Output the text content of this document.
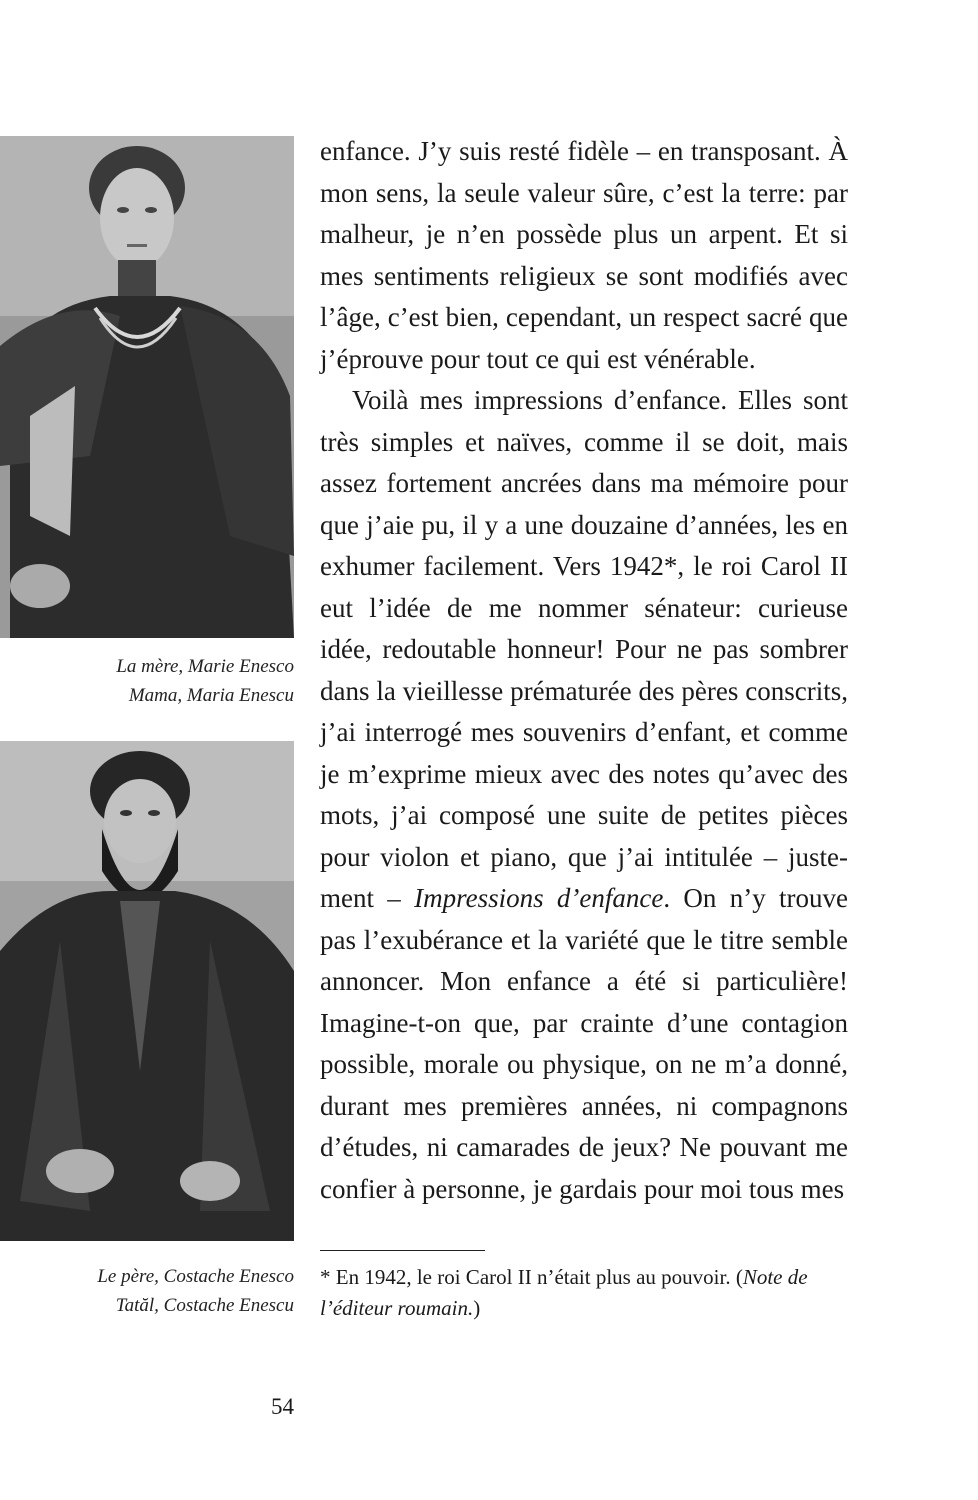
La mère, Marie Enesco
Mama, Maria Enescu
Le père, Costache Enesco
Tatăl, Costache Enescu

enfance. J’y suis resté fidèle – en transposant. À mon sens, la seule valeur sûre, c’est la terre: par malheur, je n’en possède plus un arpent. Et si mes sentiments religieux se sont modifiés avec l’âge, c’est bien, cependant, un respect sacré que j’éprouve pour tout ce qui est vénérable.

Voilà mes impressions d’enfance. Elles sont très simples et naïves, comme il se doit, mais assez fortement ancrées dans ma mémoire pour que j’aie pu, il y a une douzaine d’années, les en exhumer facilement. Vers 1942*, le roi Carol II eut l’idée de me nommer sénateur: curieuse idée, redoutable honneur! Pour ne pas sombrer dans la vieillesse prématurée des pères conscrits, j’ai interrogé mes souvenirs d’enfant, et comme je m’exprime mieux avec des notes qu’avec des mots, j’ai composé une suite de petites pièces pour violon et piano, que j’ai intitulée – justement – Impressions d’enfance. On n’y trouve pas l’exubérance et la variété que le titre semble annoncer. Mon enfance a été si particulière! Imagine-t-on que, par crainte d’une contagion possible, morale ou physique, on ne m’a donné, durant mes premières années, ni compagnons d’études, ni camarades de jeux? Ne pouvant me confier à personne, je gardais pour moi tous mes

* En 1942, le roi Carol II n’était plus au pouvoir. (Note de l’éditeur roumain.)
54
